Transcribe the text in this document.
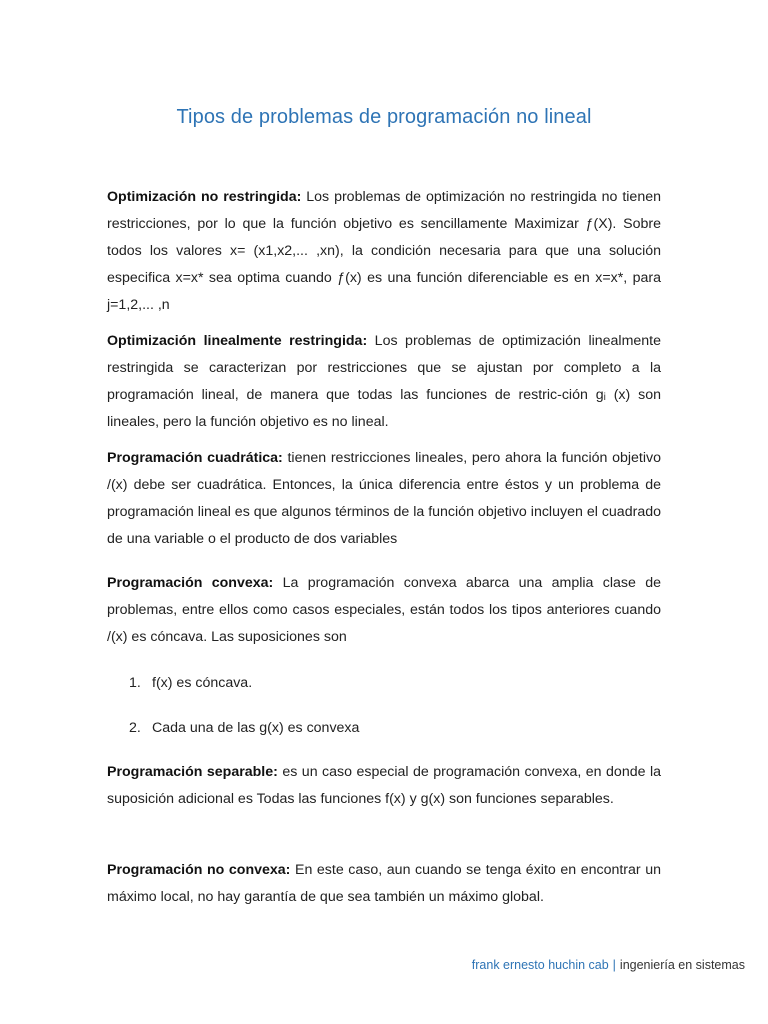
Tipos de problemas de programación no lineal

Optimización no restringida: Los problemas de optimización no restringida no tienen restricciones, por lo que la función objetivo es sencillamente Maximizar ƒ(X). Sobre todos los valores x= (x1,x2,... ,xn), la condición necesaria para que una solución especifica x=x* sea optima cuando ƒ(x) es una función diferenciable es en x=x*, para j=1,2,... ,n

Optimización linealmente restringida: Los problemas de optimización linealmente restringida se caracterizan por restricciones que se ajustan por completo a la programación lineal, de manera que todas las funciones de restric-ción gᵢ (x) son lineales, pero la función objetivo es no lineal.

Programación cuadrática: tienen restricciones lineales, pero ahora la función objetivo /(x) debe ser cuadrática. Entonces, la única diferencia entre éstos y un problema de programación lineal es que algunos términos de la función objetivo incluyen el cuadrado de una variable o el producto de dos variables

Programación convexa: La programación convexa abarca una amplia clase de problemas, entre ellos como casos especiales, están todos los tipos anteriores cuando /(x) es cóncava. Las suposiciones son

1. f(x) es cóncava.
2. Cada una de las g(x) es convexa

Programación separable: es un caso especial de programación convexa, en donde la suposición adicional es Todas las funciones f(x) y g(x) son funciones separables.

Programación no convexa: En este caso, aun cuando se tenga éxito en encontrar un máximo local, no hay garantía de que sea también un máximo global.

frank ernesto huchin cab | ingeniería en sistemas
